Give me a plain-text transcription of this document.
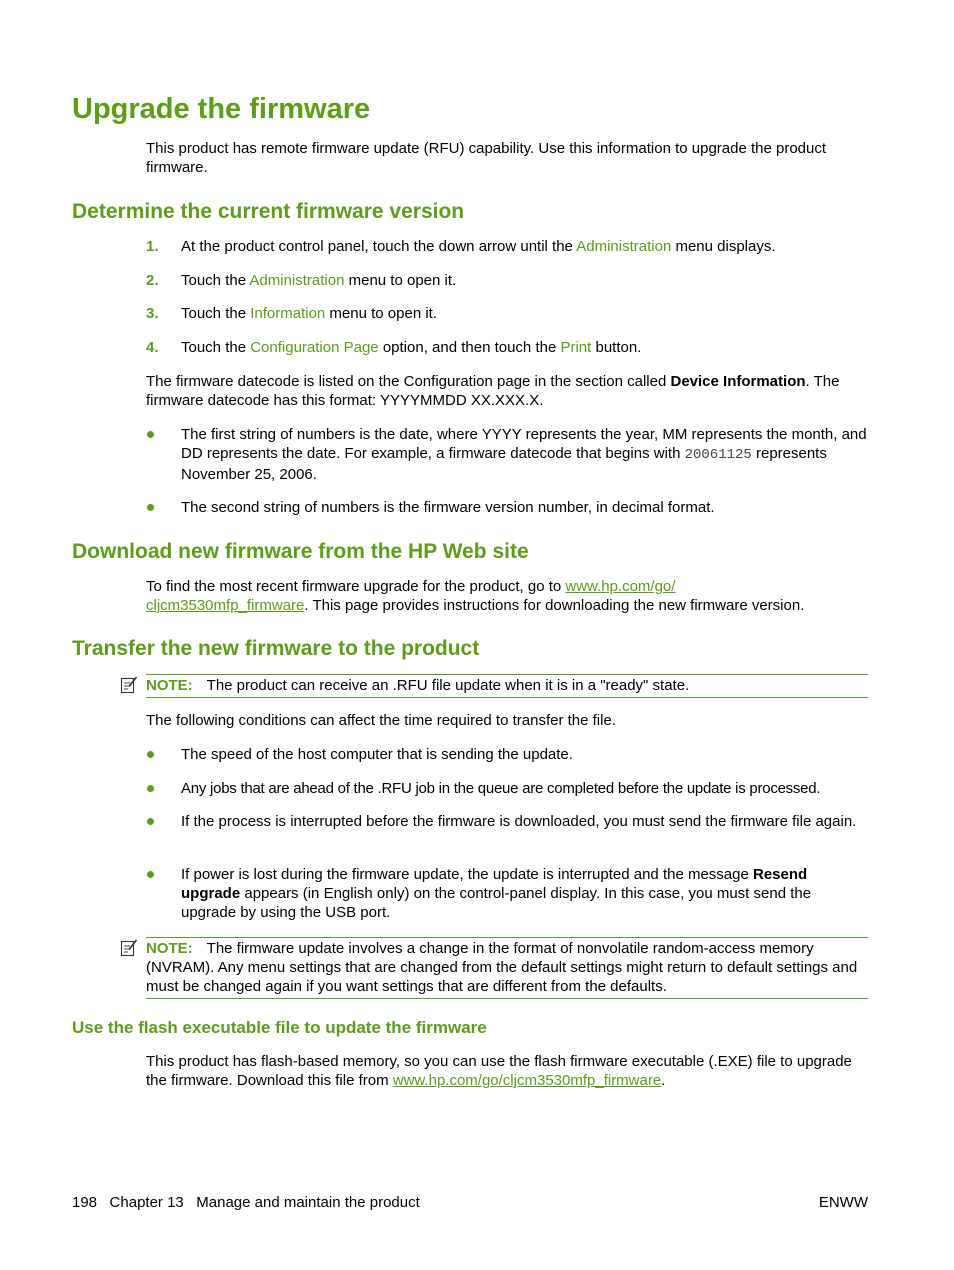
Upgrade the firmware

This product has remote firmware update (RFU) capability. Use this information to upgrade the product firmware.

Determine the current firmware version
1. At the product control panel, touch the down arrow until the Administration menu displays.
2. Touch the Administration menu to open it.
3. Touch the Information menu to open it.
4. Touch the Configuration Page option, and then touch the Print button.

The firmware datecode is listed on the Configuration page in the section called Device Information. The firmware datecode has this format: YYYYMMDD XX.XXX.X.

The first string of numbers is the date, where YYYY represents the year, MM represents the month, and DD represents the date. For example, a firmware datecode that begins with 20061125 represents November 25, 2006.
The second string of numbers is the firmware version number, in decimal format.
Download new firmware from the HP Web site

To find the most recent firmware upgrade for the product, go to www.hp.com/go/
cljcm3530mfp_firmware. This page provides instructions for downloading the new firmware version.

Transfer the new firmware to the product
NOTE: The product can receive an .RFU file update when it is in a "ready" state.

The following conditions can affect the time required to transfer the file.

The speed of the host computer that is sending the update.
Any jobs that are ahead of the .RFU job in the queue are completed before the update is processed.
If the process is interrupted before the firmware is downloaded, you must send the firmware file again.
If power is lost during the firmware update, the update is interrupted and the message Resend upgrade appears (in English only) on the control-panel display. In this case, you must send the upgrade by using the USB port.
NOTE: The firmware update involves a change in the format of nonvolatile random-access memory (NVRAM). Any menu settings that are changed from the default settings might return to default settings and must be changed again if you want settings that are different from the defaults.
Use the flash executable file to update the firmware

This product has flash-based memory, so you can use the flash firmware executable (.EXE) file to upgrade the firmware. Download this file from www.hp.com/go/cljcm3530mfp_firmware.

198 Chapter 13 Manage and maintain the product	ENWW
